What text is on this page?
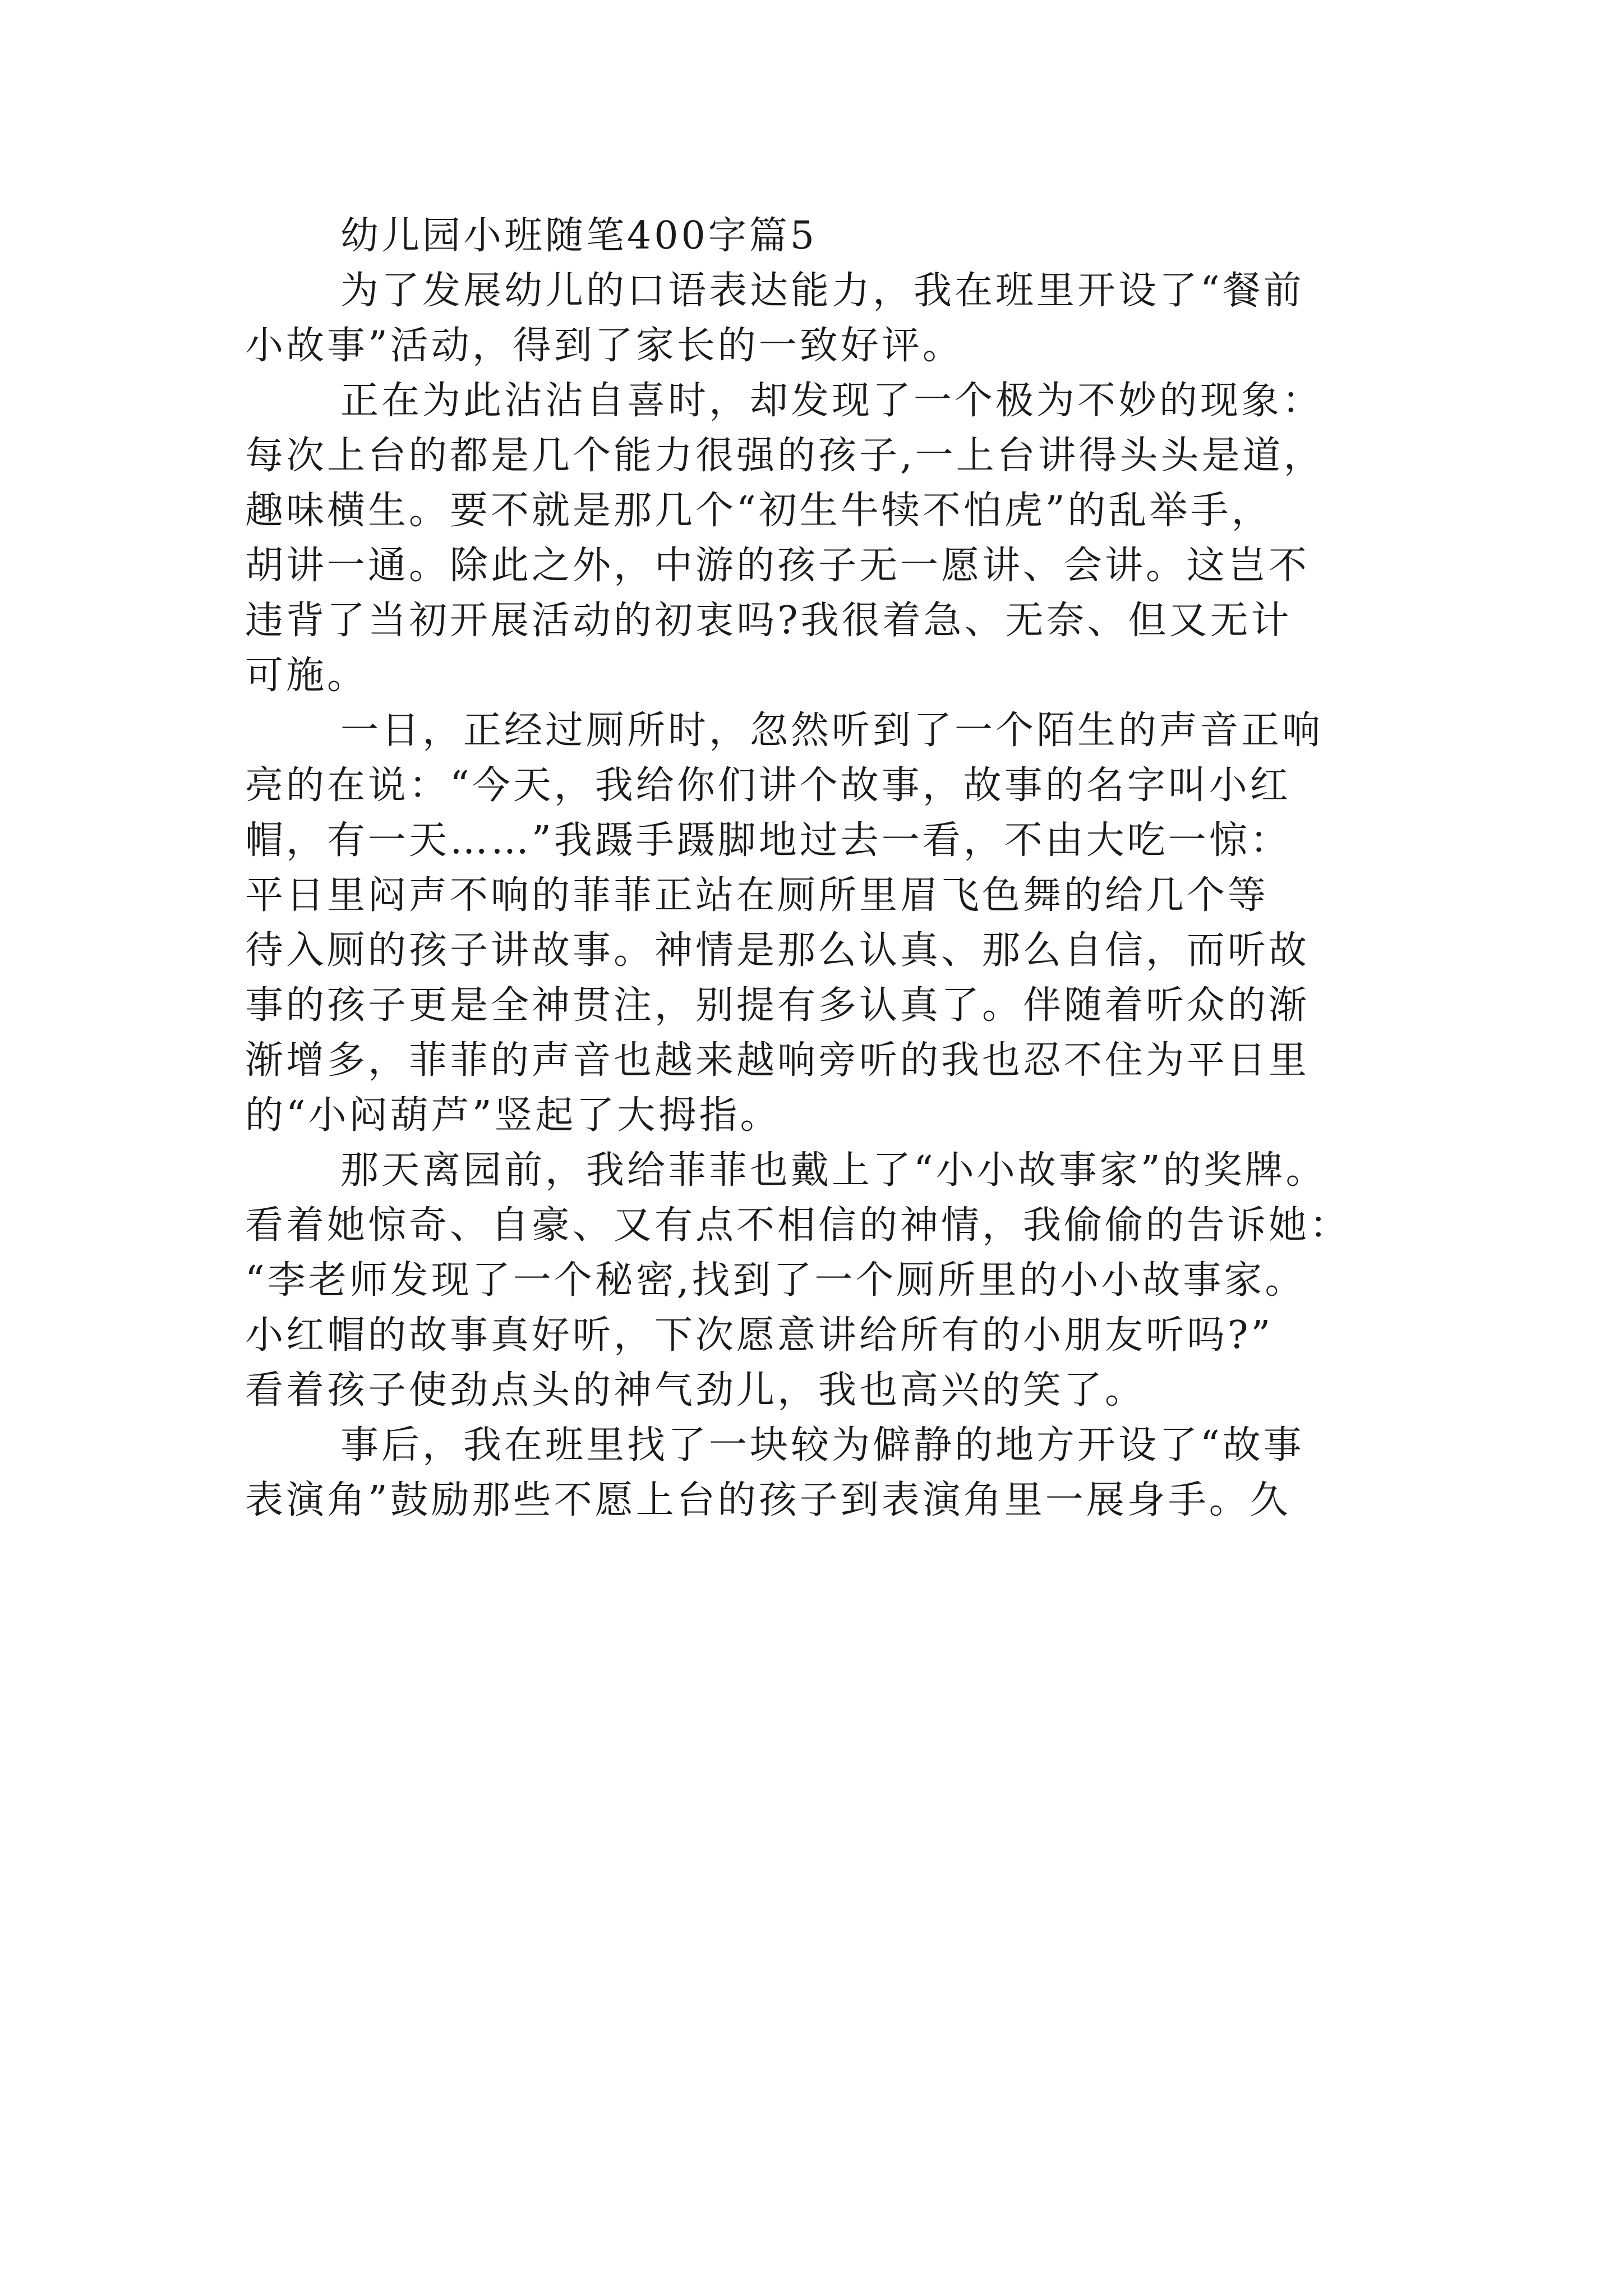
幼儿园小班随笔400字篇5

为了发展幼儿的口语表达能力，我在班里开设了“餐前

小故事”活动，得到了家长的一致好评。

正在为此沾沾自喜时，却发现了一个极为不妙的现象：

每次上台的都是几个能力很强的孩子,一上台讲得头头是道，

趣味横生。要不就是那几个“初生牛犊不怕虎”的乱举手，

胡讲一通。除此之外，中游的孩子无一愿讲、会讲。这岂不

违背了当初开展活动的初衷吗?我很着急、无奈、但又无计

可施。

一日，正经过厕所时，忽然听到了一个陌生的声音正响

亮的在说：“今天，我给你们讲个故事，故事的名字叫小红

帽，有一天……”我蹑手蹑脚地过去一看，不由大吃一惊：

平日里闷声不响的菲菲正站在厕所里眉飞色舞的给几个等

待入厕的孩子讲故事。神情是那么认真、那么自信，而听故

事的孩子更是全神贯注，别提有多认真了。伴随着听众的渐

渐增多，菲菲的声音也越来越响旁听的我也忍不住为平日里

的“小闷葫芦”竖起了大拇指。

那天离园前，我给菲菲也戴上了“小小故事家”的奖牌。

看着她惊奇、自豪、又有点不相信的神情，我偷偷的告诉她：

“李老师发现了一个秘密,找到了一个厕所里的小小故事家。

小红帽的故事真好听，下次愿意讲给所有的小朋友听吗?”

看着孩子使劲点头的神气劲儿，我也高兴的笑了。

事后，我在班里找了一块较为僻静的地方开设了“故事

表演角”鼓励那些不愿上台的孩子到表演角里一展身手。久
